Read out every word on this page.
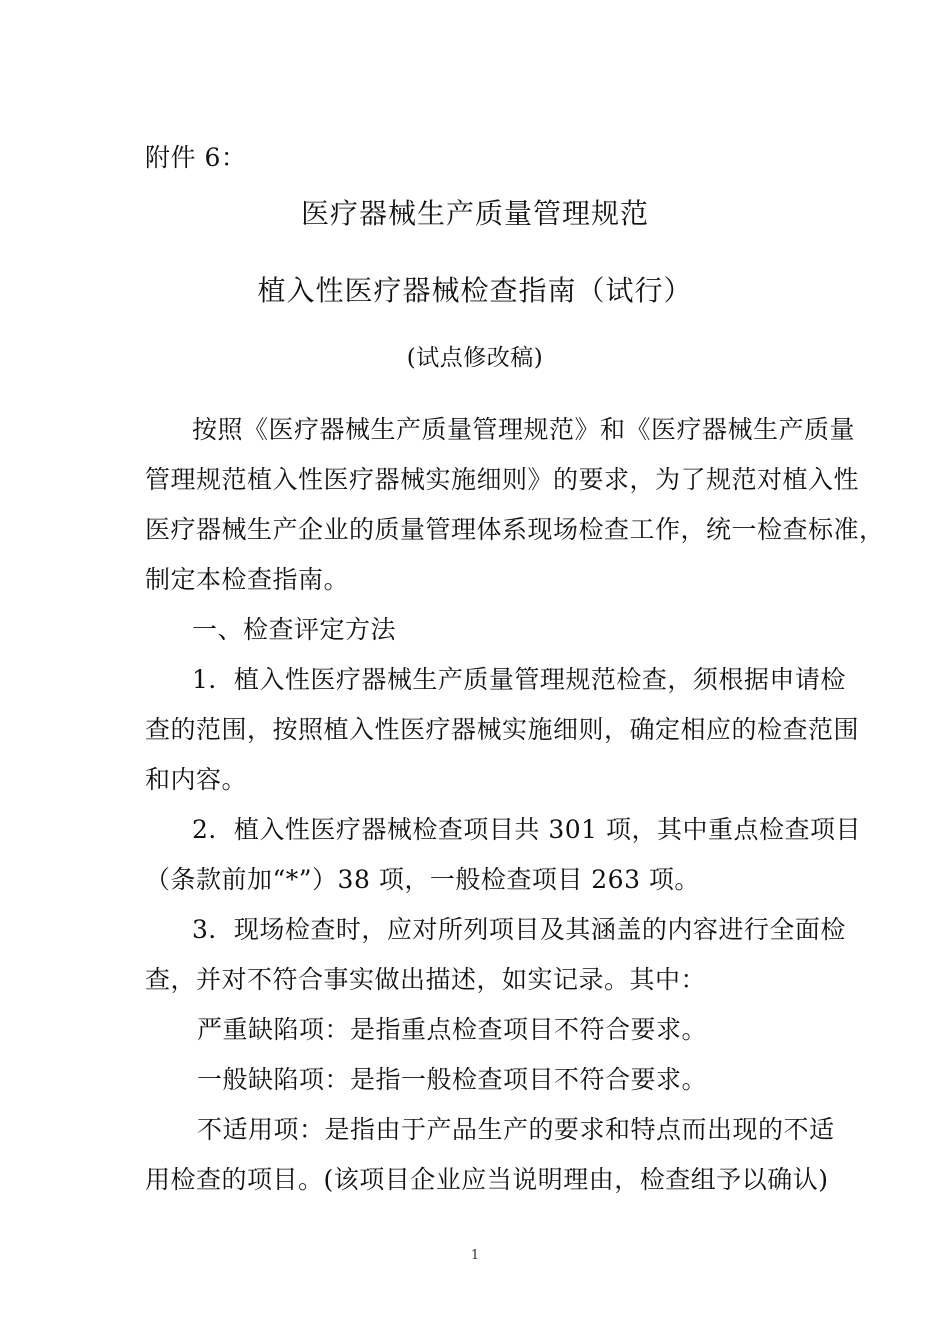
附件 6：
医疗器械生产质量管理规范
植入性医疗器械检查指南（试行）
(试点修改稿)
按照《医疗器械生产质量管理规范》和《医疗器械生产质量
管理规范植入性医疗器械实施细则》的要求，为了规范对植入性
医疗器械生产企业的质量管理体系现场检查工作，统一检查标准，
制定本检查指南。
一、检查评定方法
1．植入性医疗器械生产质量管理规范检查，须根据申请检
查的范围，按照植入性医疗器械实施细则，确定相应的检查范围
和内容。
2．植入性医疗器械检查项目共 301 项，其中重点检查项目
（条款前加“*”）38 项，一般检查项目 263 项。
3．现场检查时，应对所列项目及其涵盖的内容进行全面检
查，并对不符合事实做出描述，如实记录。其中：
严重缺陷项：是指重点检查项目不符合要求。
一般缺陷项：是指一般检查项目不符合要求。
不适用项：是指由于产品生产的要求和特点而出现的不适
用检查的项目。(该项目企业应当说明理由，检查组予以确认)
1
